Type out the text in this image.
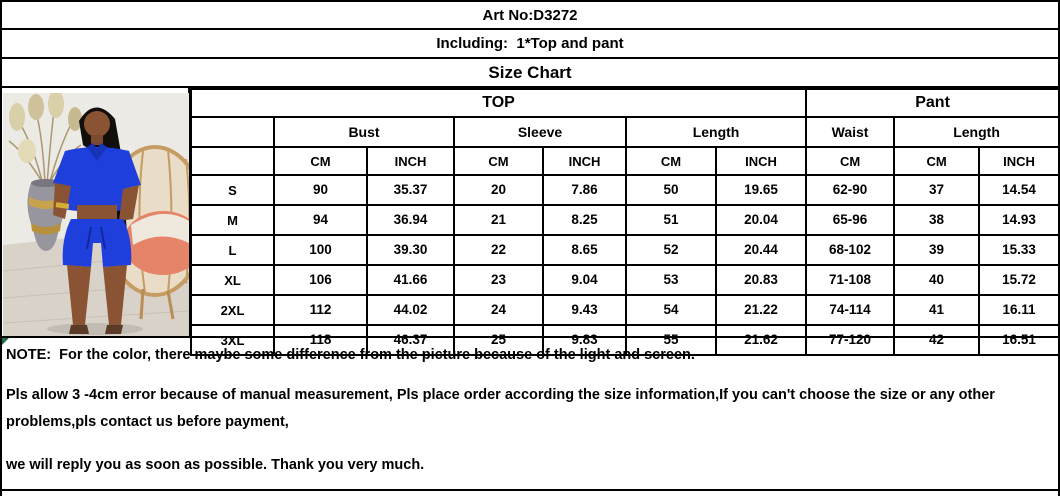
Art No:D3272
Including:  1*Top and pant
Size Chart
TOP							Pant		
	Bust		Sleeve		Length		Waist	Length	
	CM	INCH	CM	INCH	CM	INCH	CM	CM	INCH
S	90	35.37	20	7.86	50	19.65	62-90	37	14.54
M	94	36.94	21	8.25	51	20.04	65-96	38	14.93
L	100	39.30	22	8.65	52	20.44	68-102	39	15.33
XL	106	41.66	23	9.04	53	20.83	71-108	40	15.72
2XL	112	44.02	24	9.43	54	21.22	74-114	41	16.11
3XL	118	46.37	25	9.83	55	21.62	77-120	42	16.51
NOTE:  For the color, there maybe some difference from the picture because of the light and screen.
Pls allow 3 -4cm error because of manual measurement, Pls place order according the size information,If you can't choose the size or any other problems,pls contact us before payment,
we will reply you as soon as possible. Thank you very much.
